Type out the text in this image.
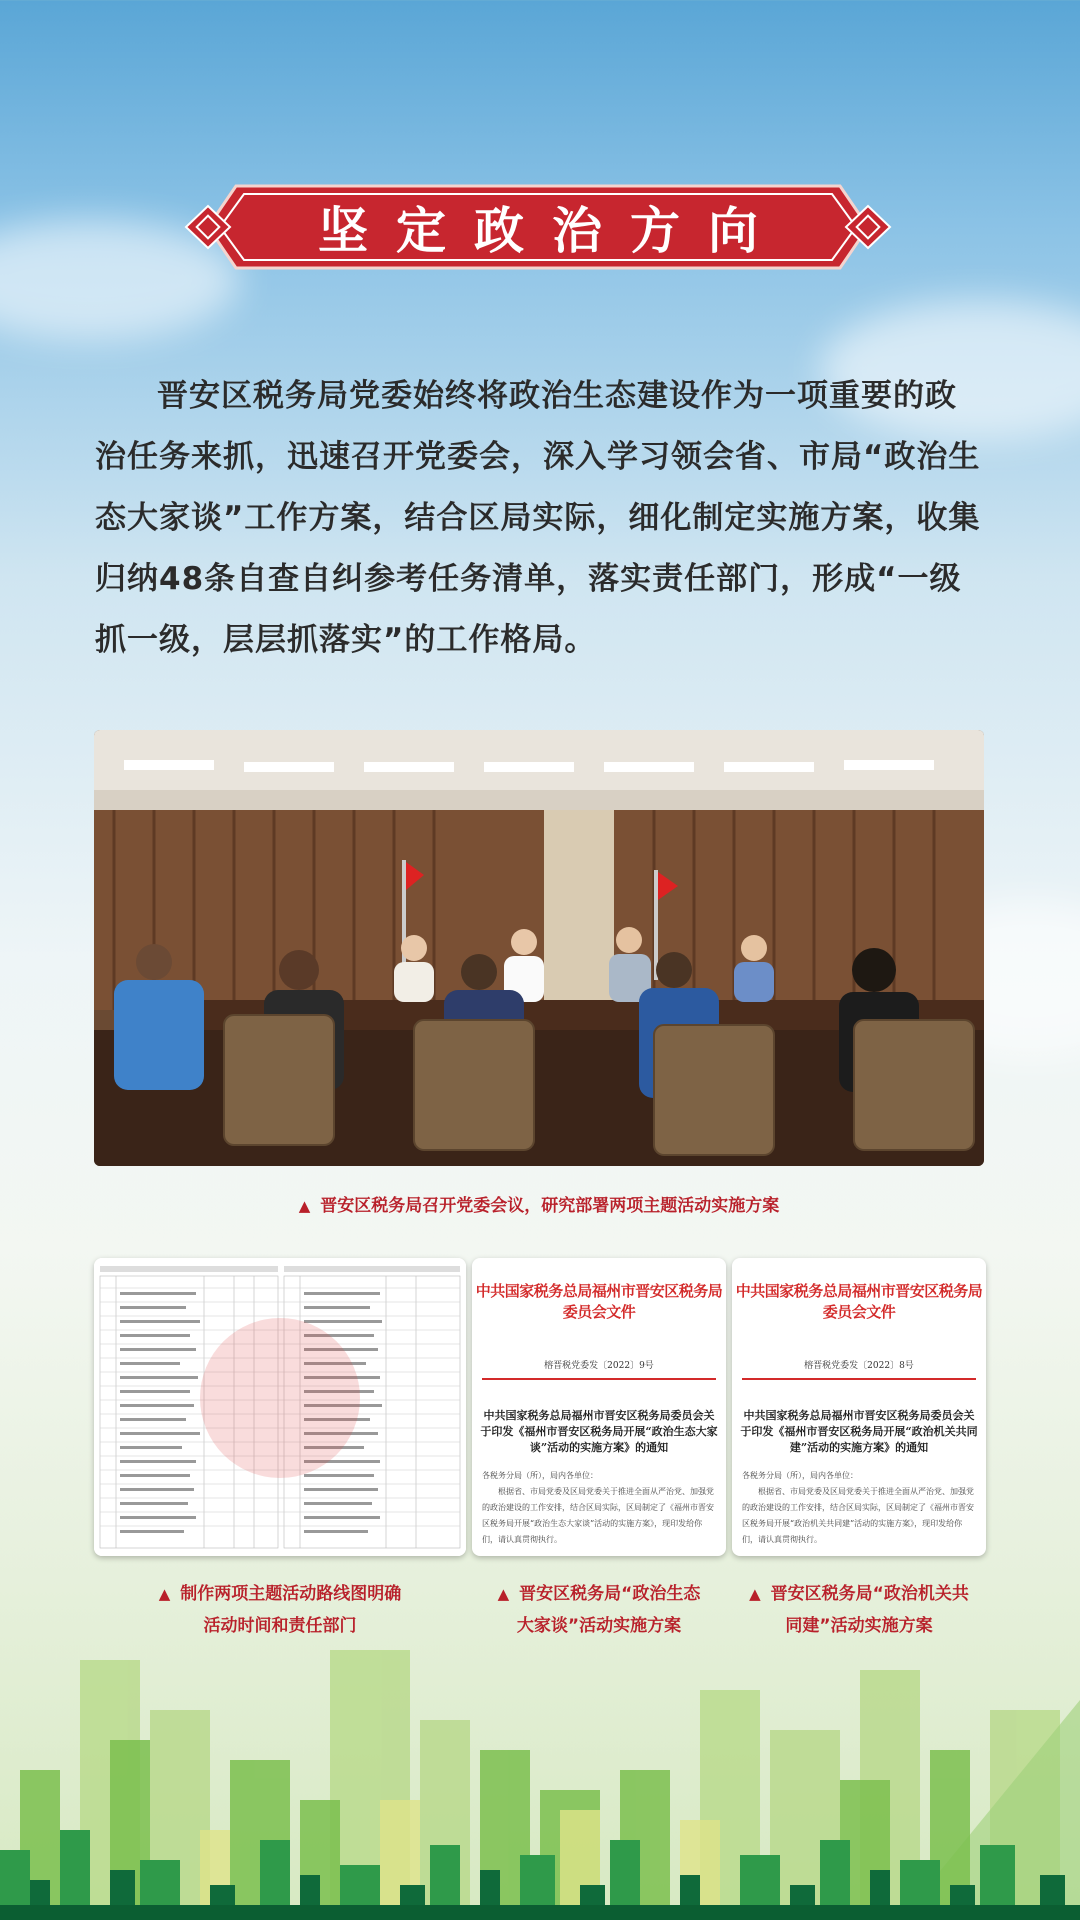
坚定政治方向
晋安区税务局党委始终将政治生态建设作为一项重要的政治任务来抓，迅速召开党委会，深入学习领会省、市局“政治生态大家谈”工作方案，结合区局实际，细化制定实施方案，收集归纳48条自查自纠参考任务清单，落实责任部门，形成“一级抓一级，层层抓落实”的工作格局。
▲ 晋安区税务局召开党委会议，研究部署两项主题活动实施方案
中共国家税务总局福州市晋安区税务局委员会文件
榕晋税党委发〔2022〕9号
中共国家税务总局福州市晋安区税务局委员会关于印发《福州市晋安区税务局开展“政治生态大家谈”活动的实施方案》的通知

各税务分局（所），局内各单位：

根据省、市局党委及区局党委关于推进全面从严治党、加强党的政治建设的工作安排，结合区局实际，区局制定了《福州市晋安区税务局开展“政治生态大家谈”活动的实施方案》，现印发给你们，请认真贯彻执行。

中共国家税务总局福州市晋安区税务局委员会文件
榕晋税党委发〔2022〕8号
中共国家税务总局福州市晋安区税务局委员会关于印发《福州市晋安区税务局开展“政治机关共同建”活动的实施方案》的通知

各税务分局（所），局内各单位：

根据省、市局党委及区局党委关于推进全面从严治党、加强党的政治建设的工作安排，结合区局实际，区局制定了《福州市晋安区税务局开展“政治机关共同建”活动的实施方案》，现印发给你们，请认真贯彻执行。

▲ 制作两项主题活动路线图明确
活动时间和责任部门
▲ 晋安区税务局“政治生态
大家谈”活动实施方案
▲ 晋安区税务局“政治机关共
同建”活动实施方案
